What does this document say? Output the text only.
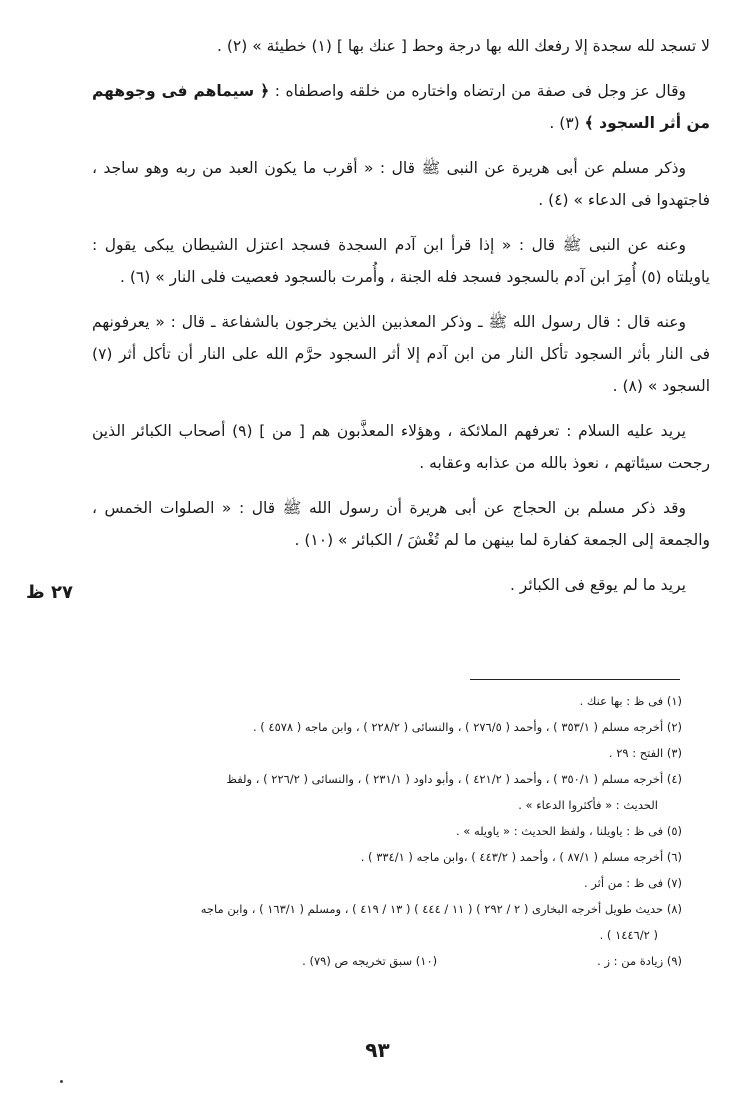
لا تسجد لله سجدة إلا رفعك الله بها درجة وحط [ عنك بها ] (١) خطيئة » (٢) .

وقال عز وجل فى صفة من ارتضاه واختاره من خلقه واصطفاه : ﴿ سيماهم فى وجوههم من أثر السجود ﴾ (٣) .

وذكر مسلم عن أبى هريرة عن النبى ﷺ قال : « أقرب ما يكون العبد من ربه وهو ساجد ، فاجتهدوا فى الدعاء » (٤) .

وعنه عن النبى ﷺ قال : « إذا قرأ ابن آدم السجدة فسجد اعتزل الشيطان يبكى يقول : ياويلتاه (٥) أُمِرَ ابن آدم بالسجود فسجد فله الجنة ، وأُمرت بالسجود فعصيت فلى النار » (٦) .

وعنه قال : قال رسول الله ﷺ ـ وذكر المعذبين الذين يخرجون بالشفاعة ـ قال : « يعرفونهم فى النار بأثر السجود تأكل النار من ابن آدم إلا أثر السجود حرَّم الله على النار أن تأكل أثر (٧) السجود » (٨) .

يريد عليه السلام : تعرفهم الملائكة ، وهؤلاء المعذَّبون هم [ من ] (٩) أصحاب الكبائر الذين رجحت سيئاتهم ، نعوذ بالله من عذابه وعقابه .

وقد ذكر مسلم بن الحجاج عن أبى هريرة أن رسول الله ﷺ قال : « الصلوات الخمس ، والجمعة إلى الجمعة كفارة لما بينهن ما لم تُغْشَ / الكبائر » (١٠) .

يريد ما لم يوقع فى الكبائر .

٢٧ ظ

(١) فى ظ : بها عنك .

(٢) أخرجه مسلم ( ٣٥٣/١ ) ، وأحمد ( ٢٧٦/٥ ) ، والنسائى ( ٢٢٨/٢ ) ، وابن ماجه ( ٤٥٧٨ ) .

(٣) الفتح : ٢٩ .

(٤) أخرجه مسلم ( ٣٥٠/١ ) ، وأحمد ( ٤٢١/٢ ) ، وأبو داود ( ٢٣١/١ ) ، والنسائى ( ٢٢٦/٢ ) ، ولفظ

الحديث : « فأكثروا الدعاء » .

(٥) فى ظ : ياويلنا ، ولفظ الحديث : « ياويله » .

(٦) أخرجه مسلم ( ٨٧/١ ) ، وأحمد ( ٤٤٣/٢ ) ،وابن ماجه ( ٣٣٤/١ ) .

(٧) فى ظ : من أثر .

(٨) حديث طويل أخرجه البخارى ( ٢ / ٢٩٢ ) ( ١١ / ٤٤٤ ) ( ١٣ / ٤١٩ ) ، ومسلم ( ١٦٣/١ ) ، وابن ماجه

( ١٤٤٦/٢ ) .

(٩) زيادة من : ز .
(١٠) سبق تخريجه ص (٧٩) .
٩٣
